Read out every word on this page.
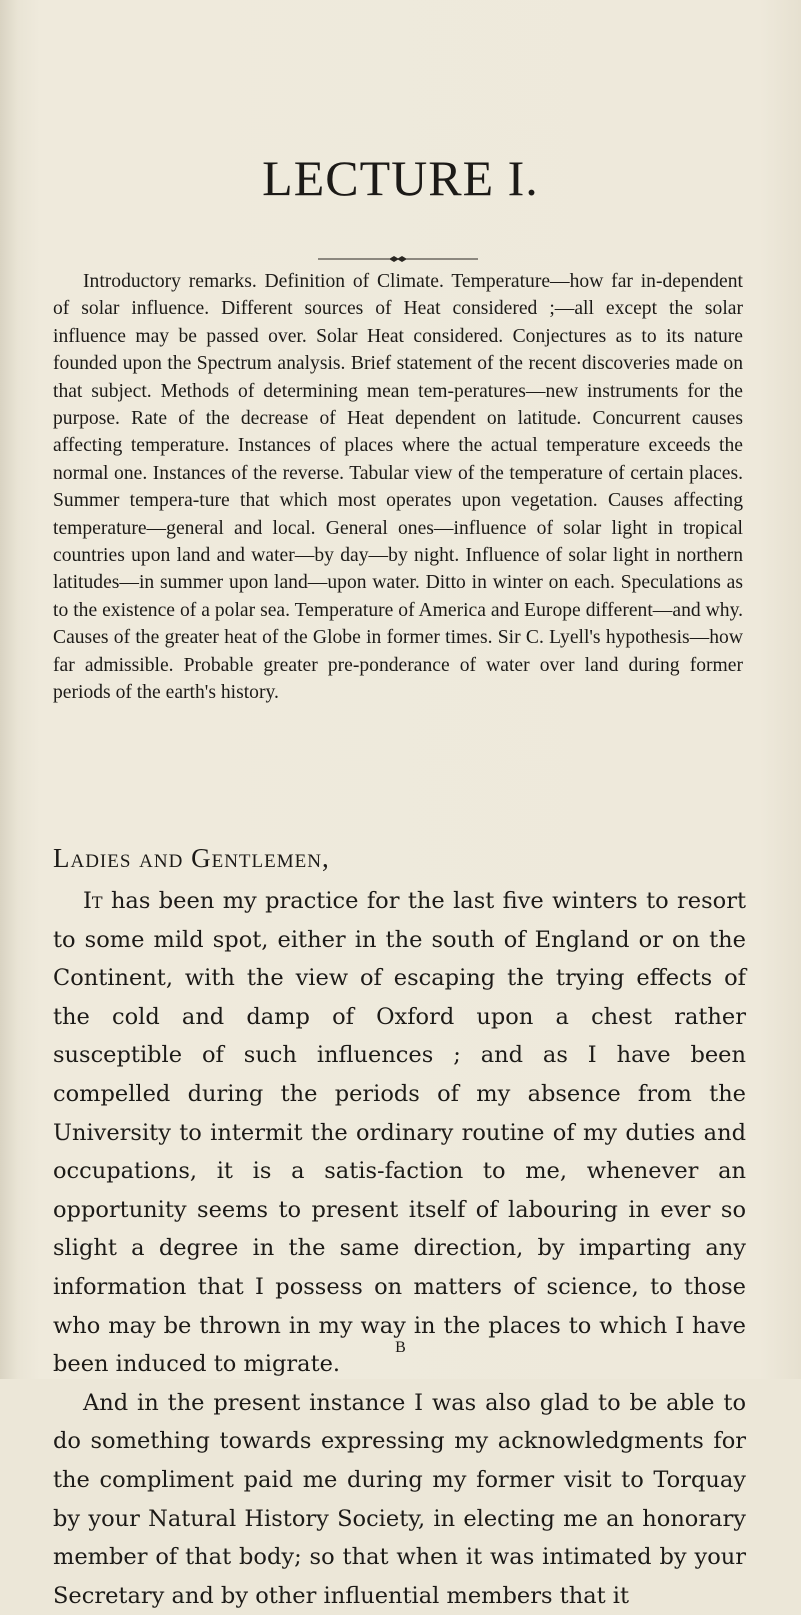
LECTURE I.

Introductory remarks. Definition of Climate. Temperature—how far in-dependent of solar influence. Different sources of Heat considered ;—all except the solar influence may be passed over. Solar Heat considered. Conjectures as to its nature founded upon the Spectrum analysis. Brief statement of the recent discoveries made on that subject. Methods of determining mean tem-peratures—new instruments for the purpose. Rate of the decrease of Heat dependent on latitude. Concurrent causes affecting temperature. Instances of places where the actual temperature exceeds the normal one. Instances of the reverse. Tabular view of the temperature of certain places. Summer tempera-ture that which most operates upon vegetation. Causes affecting temperature—general and local. General ones—influence of solar light in tropical countries upon land and water—by day—by night. Influence of solar light in northern latitudes—in summer upon land—upon water. Ditto in winter on each. Speculations as to the existence of a polar sea. Temperature of America and Europe different—and why. Causes of the greater heat of the Globe in former times. Sir C. Lyell's hypothesis—how far admissible. Probable greater pre-ponderance of water over land during former periods of the earth's history.

Ladies and Gentlemen,

It has been my practice for the last five winters to resort to some mild spot, either in the south of England or on the Continent, with the view of escaping the trying effects of the cold and damp of Oxford upon a chest rather susceptible of such influences ; and as I have been compelled during the periods of my absence from the University to intermit the ordinary routine of my duties and occupations, it is a satis-faction to me, whenever an opportunity seems to present itself of labouring in ever so slight a degree in the same direction, by imparting any information that I possess on matters of science, to those who may be thrown in my way in the places to which I have been induced to migrate.

And in the present instance I was also glad to be able to do something towards expressing my acknowledgments for the compliment paid me during my former visit to Torquay by your Natural History Society, in electing me an honorary member of that body; so that when it was intimated by your Secretary and by other influential members that it

B
